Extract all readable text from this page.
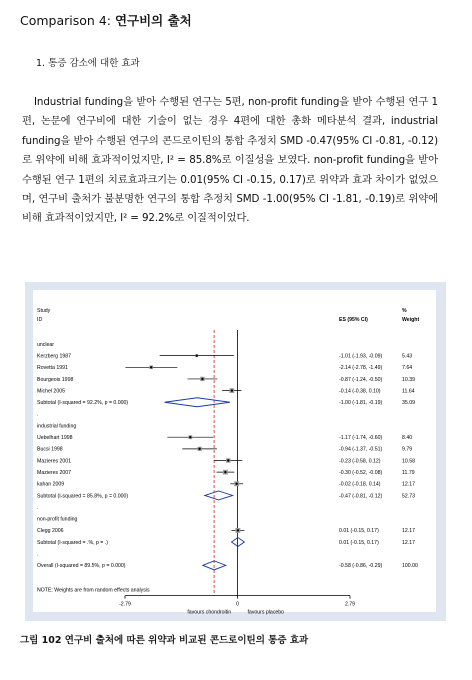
Comparison 4: 연구비의 출처
1. 통증 감소에 대한 효과
Industrial funding을 받아 수행된 연구는 5편, non-profit funding을 받아 수행된 연구 1편, 논문에 연구비에 대한 기술이 없는 경우 4편에 대한 총화 메타분석 결과, industrial funding을 받아 수행된 연구의 콘드로이틴의 통합 추정치 SMD -0.47(95% CI -0.81, -0.12)로 위약에 비해 효과적이었지만, I² = 85.8%로 이질성을 보였다. non-profit funding을 받아 수행된 연구 1편의 치료효과크기는 0.01(95% CI -0.15, 0.17)로 위약과 효과 차이가 없었으며, 연구비 출처가 불분명한 연구의 통합 추정치 SMD -1.00(95% CI -1.81, -0.19)로 위약에 비해 효과적이었지만, I² = 92.2%로 이질적이었다.
Study
ID	ES (95% CI)
%
Weight
unclear
Kerzberg 1987	-1.01 (-1.93, -0.09)	5.43
Rovetta 1991	-2.14 (-2.78, -1.49)	7.64
Bourgeois 1998	-0.87 (-1.24, -0.50)	10.39
Michel 2005	-0.14 (-0.38, 0.10)	11.64
Subtotal (I-squared = 92.2%, p = 0.000)	-1.00 (-1.81, -0.19)	35.09
.
industrial funding
Uebelhart 1998	-1.17 (-1.74, -0.60)	8.40
Bucsi 1998	-0.94 (-1.37, -0.51)	9.79
Mazieres 2001	-0.23 (-0.58, 0.12)	10.58
Mazieres 2007	-0.30 (-0.52, -0.08)	11.79
kahan 2009	-0.02 (-0.18, 0.14)	12.17
Subtotal (I-squared = 85.8%, p = 0.000)	-0.47 (-0.81, -0.12)	52.73
.
non-profit funding
Clegg 2006	0.01 (-0.15, 0.17)	12.17
Subtotal (I-squared = .%, p = .)	0.01 (-0.15, 0.17)	12.17
.
Overall (I-squared = 89.5%, p = 0.000)	-0.58 (-0.86, -0.29)	100.00
NOTE: Weights are from random effects analysis
-2.79	0	2.79
favours chondroitin	favours placebo
그림 102 연구비 출처에 따른 위약과 비교된 콘드로이틴의 통증 효과
